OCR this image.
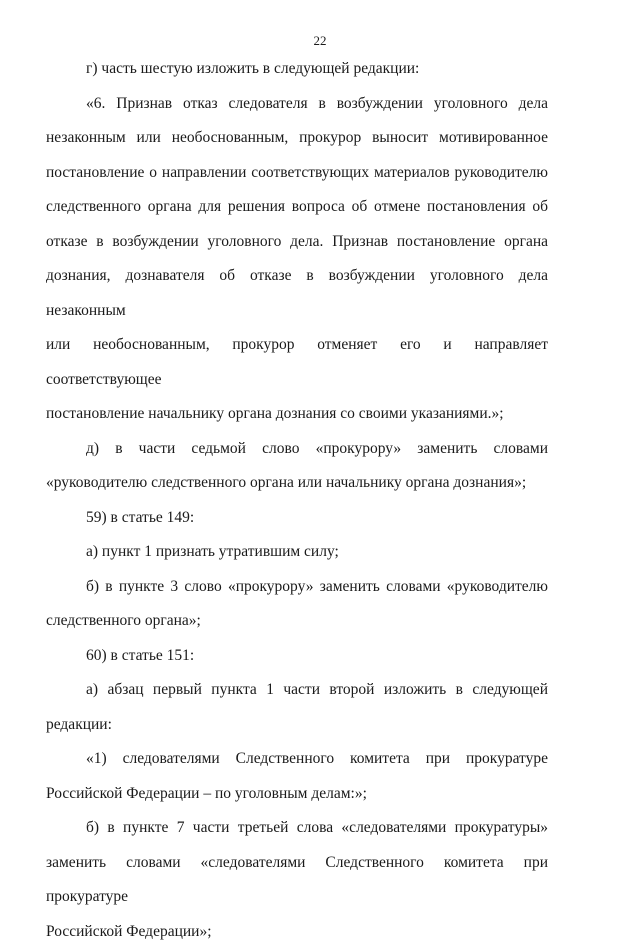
22
г) часть шестую изложить в следующей редакции:
«6. Признав отказ следователя в возбуждении уголовного дела
незаконным или необоснованным, прокурор выносит мотивированное
постановление о направлении соответствующих материалов руководителю
следственного органа для решения вопроса об отмене постановления об
отказе в возбуждении уголовного дела. Признав постановление органа
дознания, дознавателя об отказе в возбуждении уголовного дела незаконным
или необоснованным, прокурор отменяет его и направляет соответствующее
постановление начальнику органа дознания со своими указаниями.»;
д) в части седьмой слово «прокурору» заменить словами
«руководителю следственного органа или начальнику органа дознания»;
59) в статье 149:
а) пункт 1 признать утратившим силу;
б) в пункте 3 слово «прокурору» заменить словами «руководителю
следственного органа»;
60) в статье 151:
а) абзац первый пункта 1 части второй изложить в следующей
редакции:
«1) следователями Следственного комитета при прокуратуре
Российской Федерации – по уголовным делам:»;
б) в пункте 7 части третьей слова «следователями прокуратуры»
заменить словами «следователями Следственного комитета при прокуратуре
Российской Федерации»;
